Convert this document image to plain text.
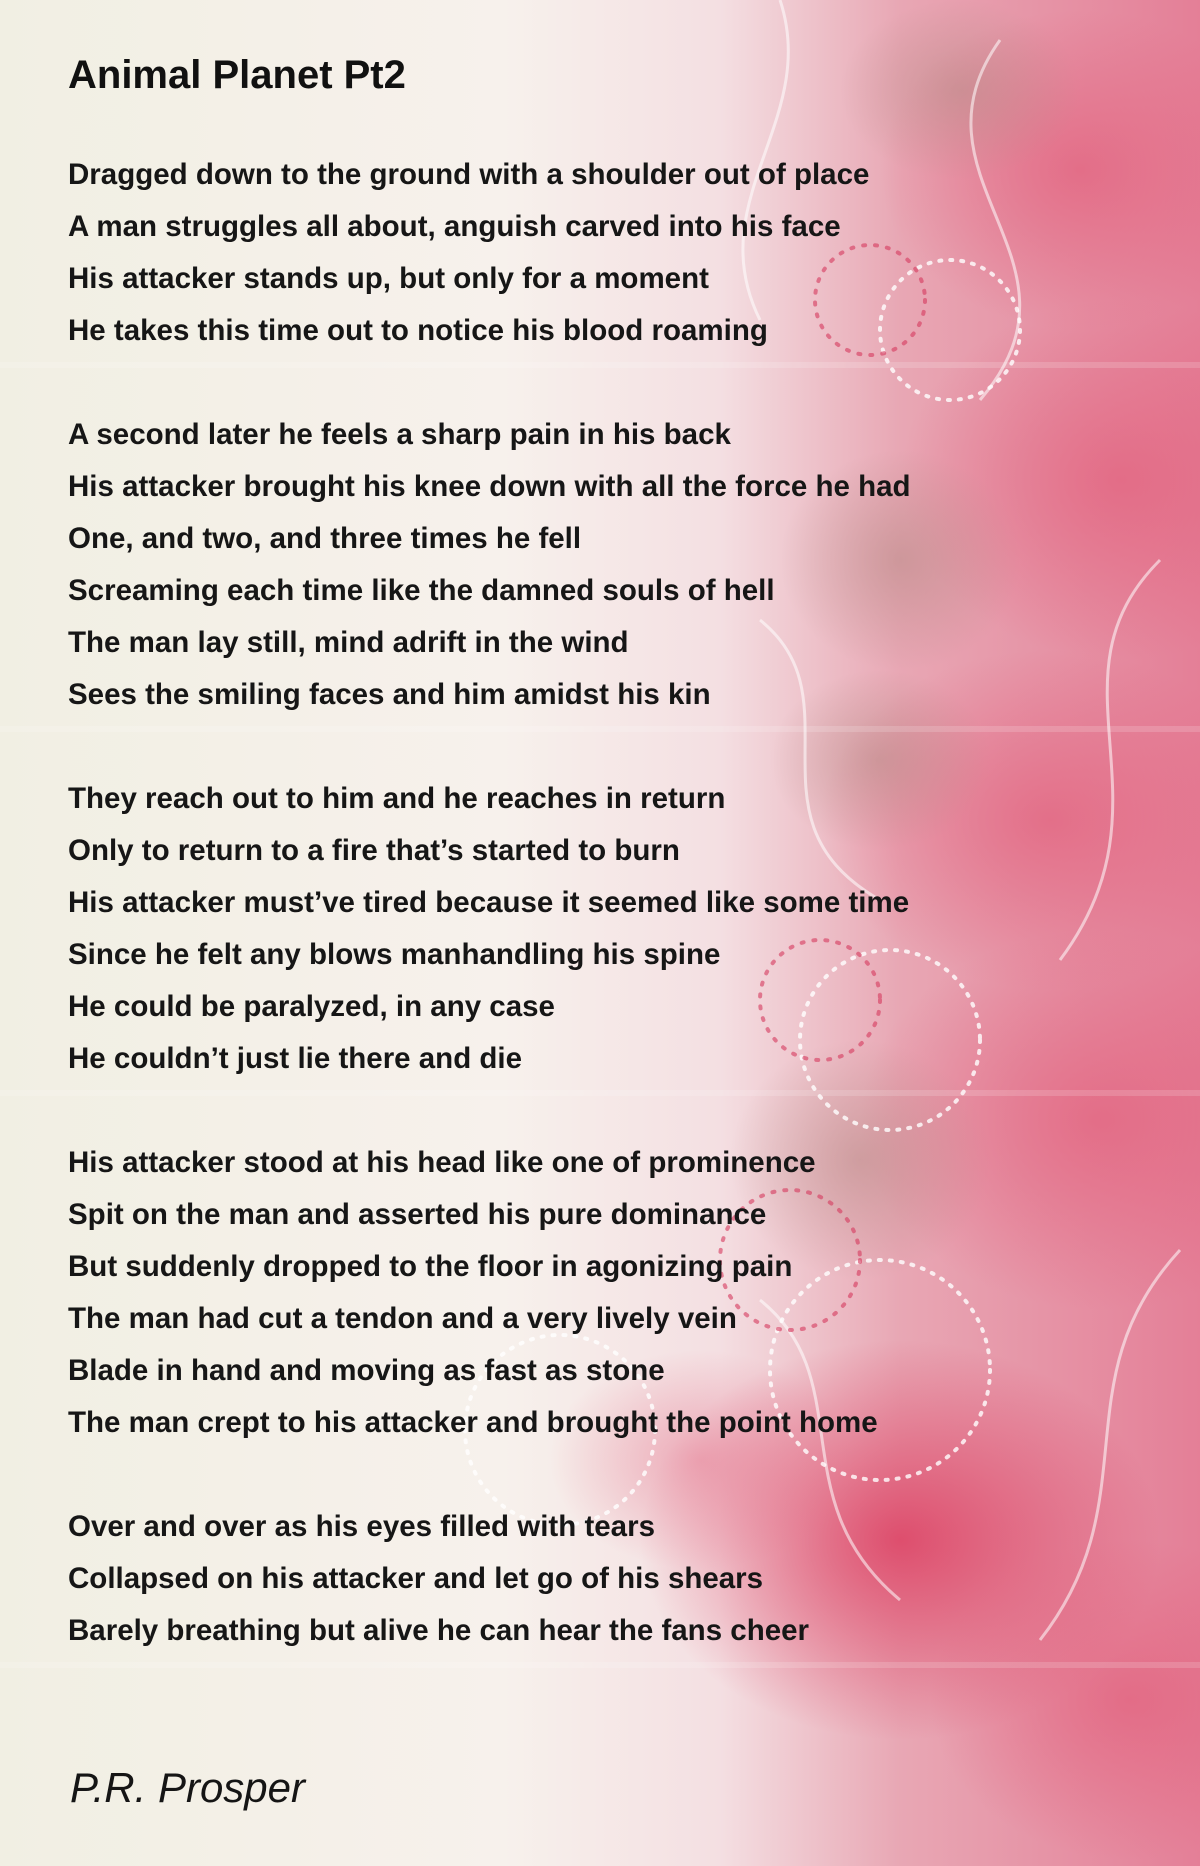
Animal Planet Pt2
Dragged down to the ground with a shoulder out of place
A man struggles all about, anguish carved into his face
His attacker stands up, but only for a moment
He takes this time out to notice his blood roaming
A second later he feels a sharp pain in his back
His attacker brought his knee down with all the force he had
One, and two, and three times he fell
Screaming each time like the damned souls of hell
The man lay still, mind adrift in the wind
Sees the smiling faces and him amidst his kin
They reach out to him and he reaches in return
Only to return to a fire that’s started to burn
His attacker must’ve tired because it seemed like some time
Since he felt any blows manhandling his spine
He could be paralyzed, in any case
He couldn’t just lie there and die
His attacker stood at his head like one of prominence
Spit on the man and asserted his pure dominance
But suddenly dropped to the floor in agonizing pain
The man had cut a tendon and a very lively vein
Blade in hand and moving as fast as stone
The man crept to his attacker and brought the point home
Over and over as his eyes filled with tears
Collapsed on his attacker and let go of his shears
Barely breathing but alive he can hear the fans cheer

P.R. Prosper
